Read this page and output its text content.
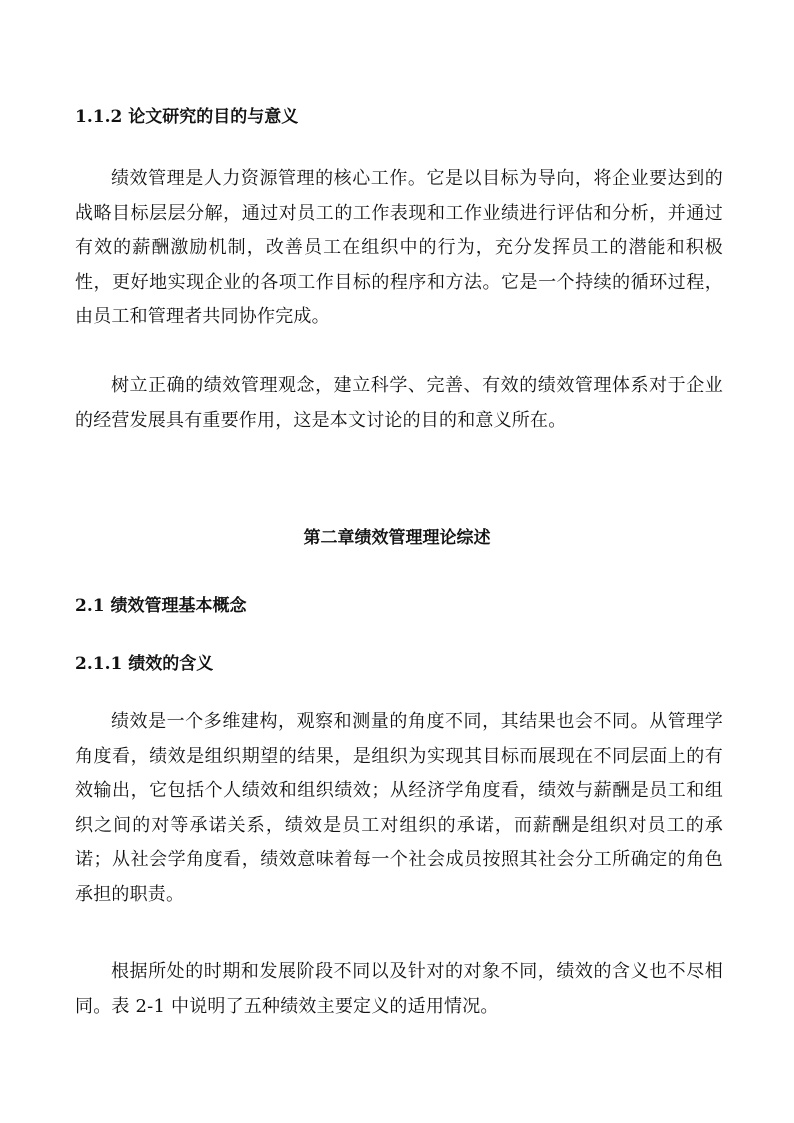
1.1.2 论文研究的目的与意义

绩效管理是人力资源管理的核心工作。它是以目标为导向，将企业要达到的战略目标层层分解，通过对员工的工作表现和工作业绩进行评估和分析，并通过有效的薪酬激励机制，改善员工在组织中的行为，充分发挥员工的潜能和积极性，更好地实现企业的各项工作目标的程序和方法。它是一个持续的循环过程，由员工和管理者共同协作完成。

树立正确的绩效管理观念，建立科学、完善、有效的绩效管理体系对于企业的经营发展具有重要作用，这是本文讨论的目的和意义所在。

第二章绩效管理理论综述
2.1 绩效管理基本概念
2.1.1 绩效的含义

绩效是一个多维建构，观察和测量的角度不同，其结果也会不同。从管理学角度看，绩效是组织期望的结果，是组织为实现其目标而展现在不同层面上的有效输出，它包括个人绩效和组织绩效；从经济学角度看，绩效与薪酬是员工和组织之间的对等承诺关系，绩效是员工对组织的承诺，而薪酬是组织对员工的承诺；从社会学角度看，绩效意味着每一个社会成员按照其社会分工所确定的角色承担的职责。

根据所处的时期和发展阶段不同以及针对的对象不同，绩效的含义也不尽相同。表 2-1 中说明了五种绩效主要定义的适用情况。
